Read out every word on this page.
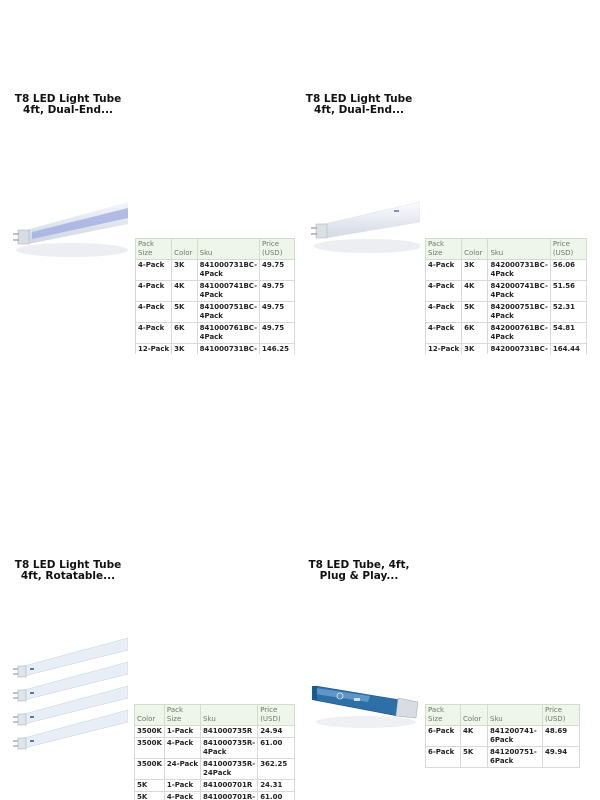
T8 LED Light Tube
4ft, Dual-End...
Pack Size	Color	Sku	Price (USD)
4-Pack	3K	841000731BC-4Pack	49.75
4-Pack	4K	841000741BC-4Pack	49.75
4-Pack	5K	841000751BC-4Pack	49.75
4-Pack	6K	841000761BC-4Pack	49.75
12-Pack	3K	841000731BC-	146.25
T8 LED Light Tube
4ft, Dual-End...
Pack Size	Color	Sku	Price (USD)
4-Pack	3K	842000731BC-4Pack	56.06
4-Pack	4K	842000741BC-4Pack	51.56
4-Pack	5K	842000751BC-4Pack	52.31
4-Pack	6K	842000761BC-4Pack	54.81
12-Pack	3K	842000731BC-	164.44
T8 LED Light Tube
4ft, Rotatable...
Color	Pack Size	Sku	Price (USD)
3500K	1-Pack	841000735R	24.94
3500K	4-Pack	841000735R-4Pack	61.00
3500K	24-Pack	841000735R-24Pack	362.25
5K	1-Pack	841000701R	24.31
5K	4-Pack	841000701R-	61.00
T8 LED Tube, 4ft,
Plug & Play...
Pack Size	Color	Sku	Price (USD)
6-Pack	4K	841200741-6Pack	48.69
6-Pack	5K	841200751-6Pack	49.94
